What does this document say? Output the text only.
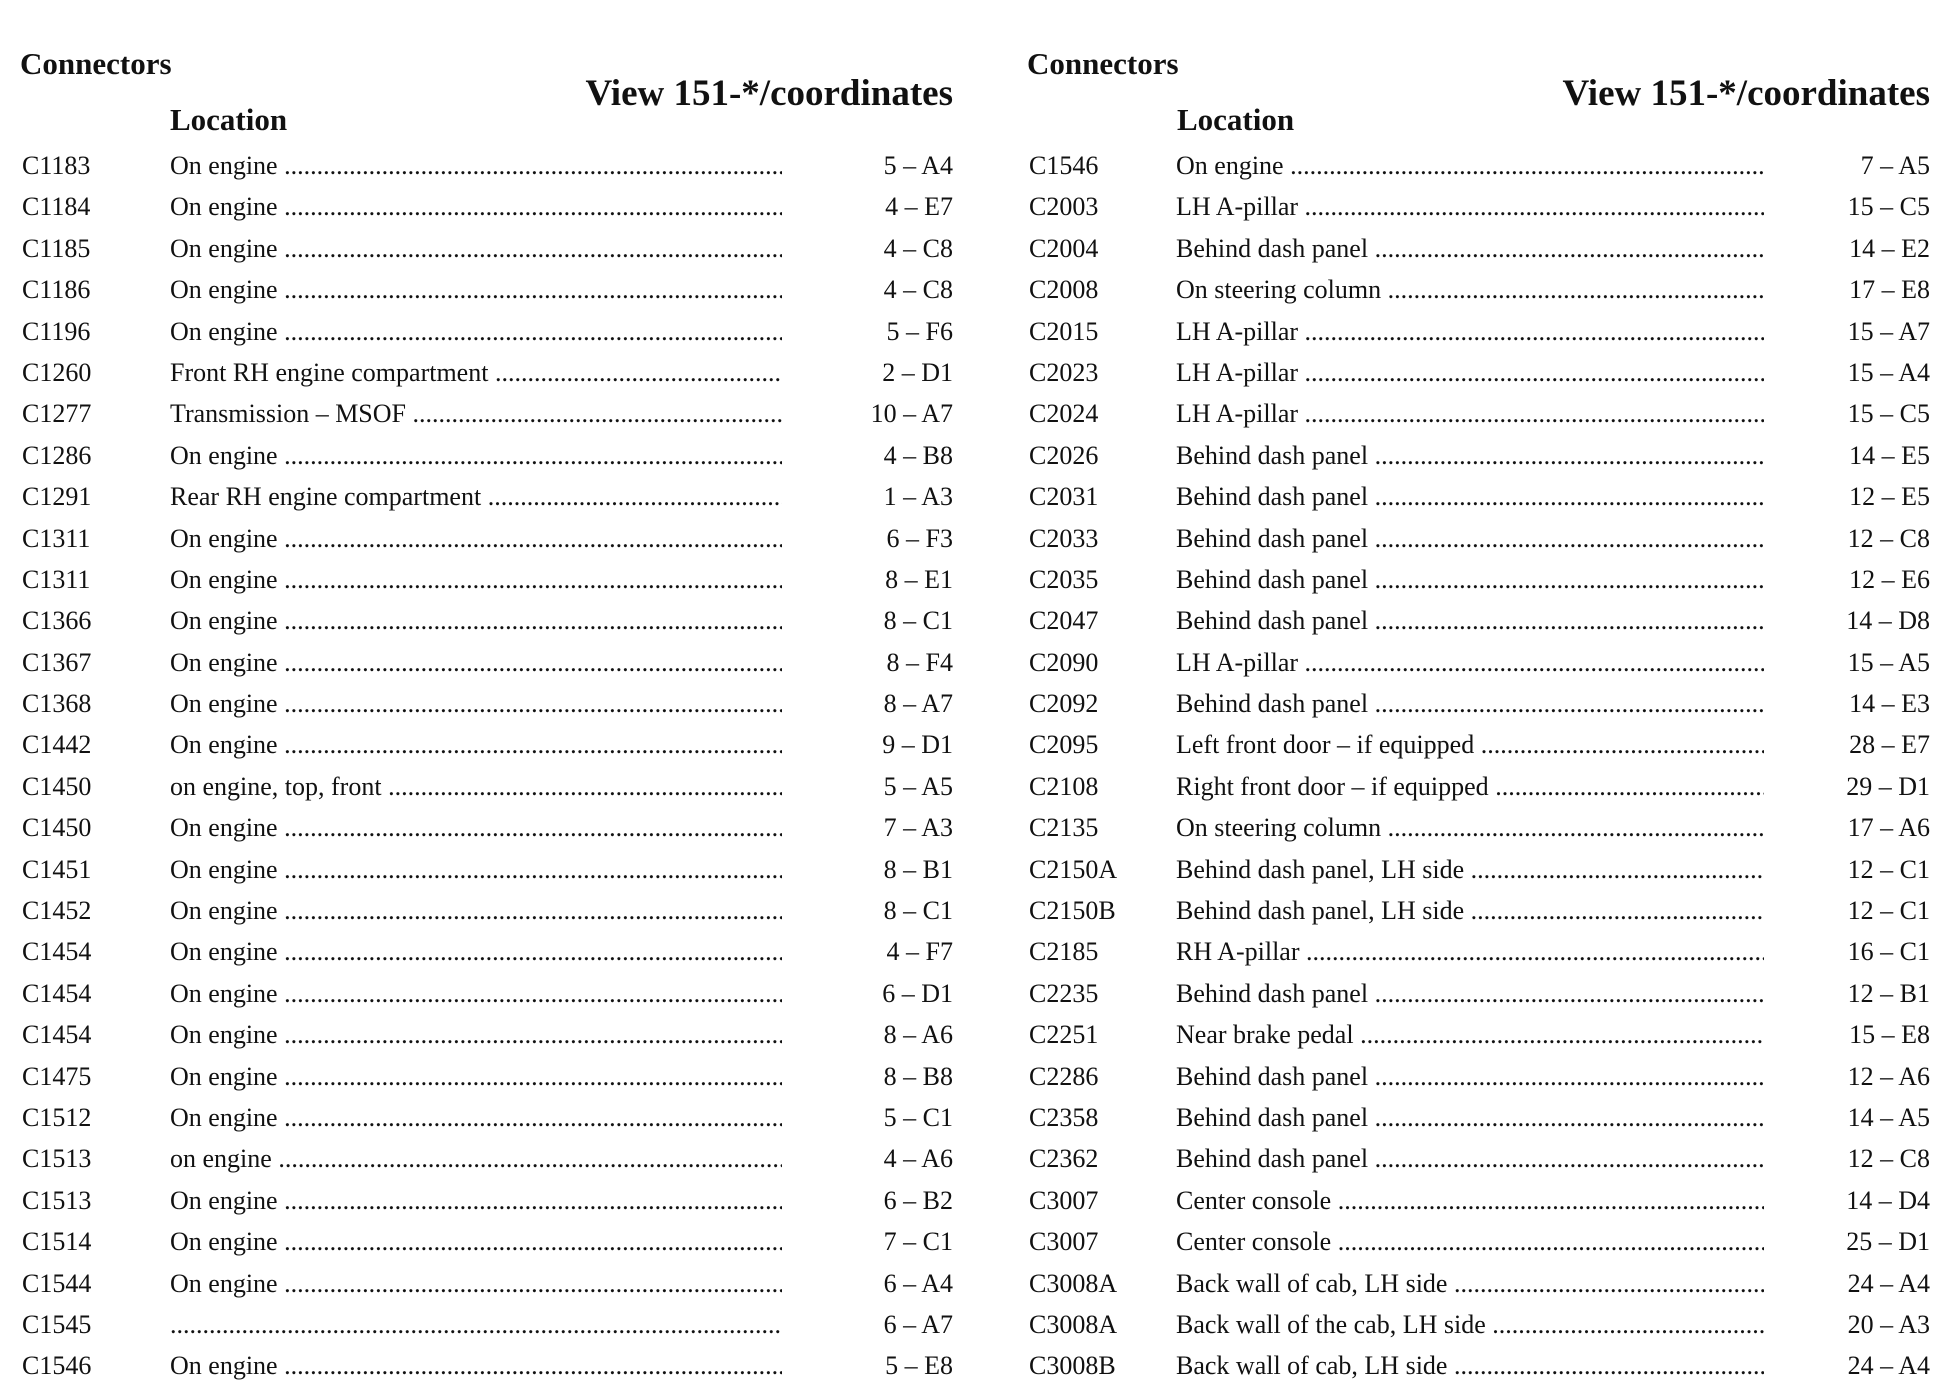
Connectors
View 151-*/coordinates
Location
C1183	On engine .....	5 – A4
C1184	On engine .....	4 – E7
C1185	On engine .....	4 – C8
C1186	On engine .....	4 – C8
C1196	On engine .....	5 – F6
C1260	Front RH engine compartment .....	2 – D1
C1277	Transmission – MSOF .....	10 – A7
C1286	On engine .....	4 – B8
C1291	Rear RH engine compartment .....	1 – A3
C1311	On engine .....	6 – F3
C1311	On engine .....	8 – E1
C1366	On engine .....	8 – C1
C1367	On engine .....	8 – F4
C1368	On engine .....	8 – A7
C1442	On engine .....	9 – D1
C1450	on engine, top, front .....	5 – A5
C1450	On engine .....	7 – A3
C1451	On engine .....	8 – B1
C1452	On engine .....	8 – C1
C1454	On engine .....	4 – F7
C1454	On engine .....	6 – D1
C1454	On engine .....	8 – A6
C1475	On engine .....	8 – B8
C1512	On engine .....	5 – C1
C1513	on engine .....	4 – A6
C1513	On engine .....	6 – B2
C1514	On engine .....	7 – C1
C1544	On engine .....	6 – A4
C1545
.....	6 – A7
C1546	On engine .....	5 – E8
Connectors
View 151-*/coordinates
Location
C1546	On engine .....	7 – A5
C2003	LH A-pillar .....	15 – C5
C2004	Behind dash panel .....	14 – E2
C2008	On steering column .....	17 – E8
C2015	LH A-pillar .....	15 – A7
C2023	LH A-pillar .....	15 – A4
C2024	LH A-pillar .....	15 – C5
C2026	Behind dash panel .....	14 – E5
C2031	Behind dash panel .....	12 – E5
C2033	Behind dash panel .....	12 – C8
C2035	Behind dash panel .....	12 – E6
C2047	Behind dash panel .....	14 – D8
C2090	LH A-pillar .....	15 – A5
C2092	Behind dash panel .....	14 – E3
C2095	Left front door – if equipped .....	28 – E7
C2108	Right front door – if equipped .....	29 – D1
C2135	On steering column .....	17 – A6
C2150A Behind dash panel, LH side .....	12 – C1
C2150B Behind dash panel, LH side .....	12 – C1
C2185	RH A-pillar .....	16 – C1
C2235	Behind dash panel .....	12 – B1
C2251	Near brake pedal .....	15 – E8
C2286	Behind dash panel .....	12 – A6
C2358	Behind dash panel .....	14 – A5
C2362	Behind dash panel .....	12 – C8
C3007	Center console .....	14 – D4
C3007	Center console .....	25 – D1
C3008A Back wall of cab, LH side .....	24 – A4
C3008A Back wall of the cab, LH side .....	20 – A3
C3008B Back wall of cab, LH side .....	24 – A4
